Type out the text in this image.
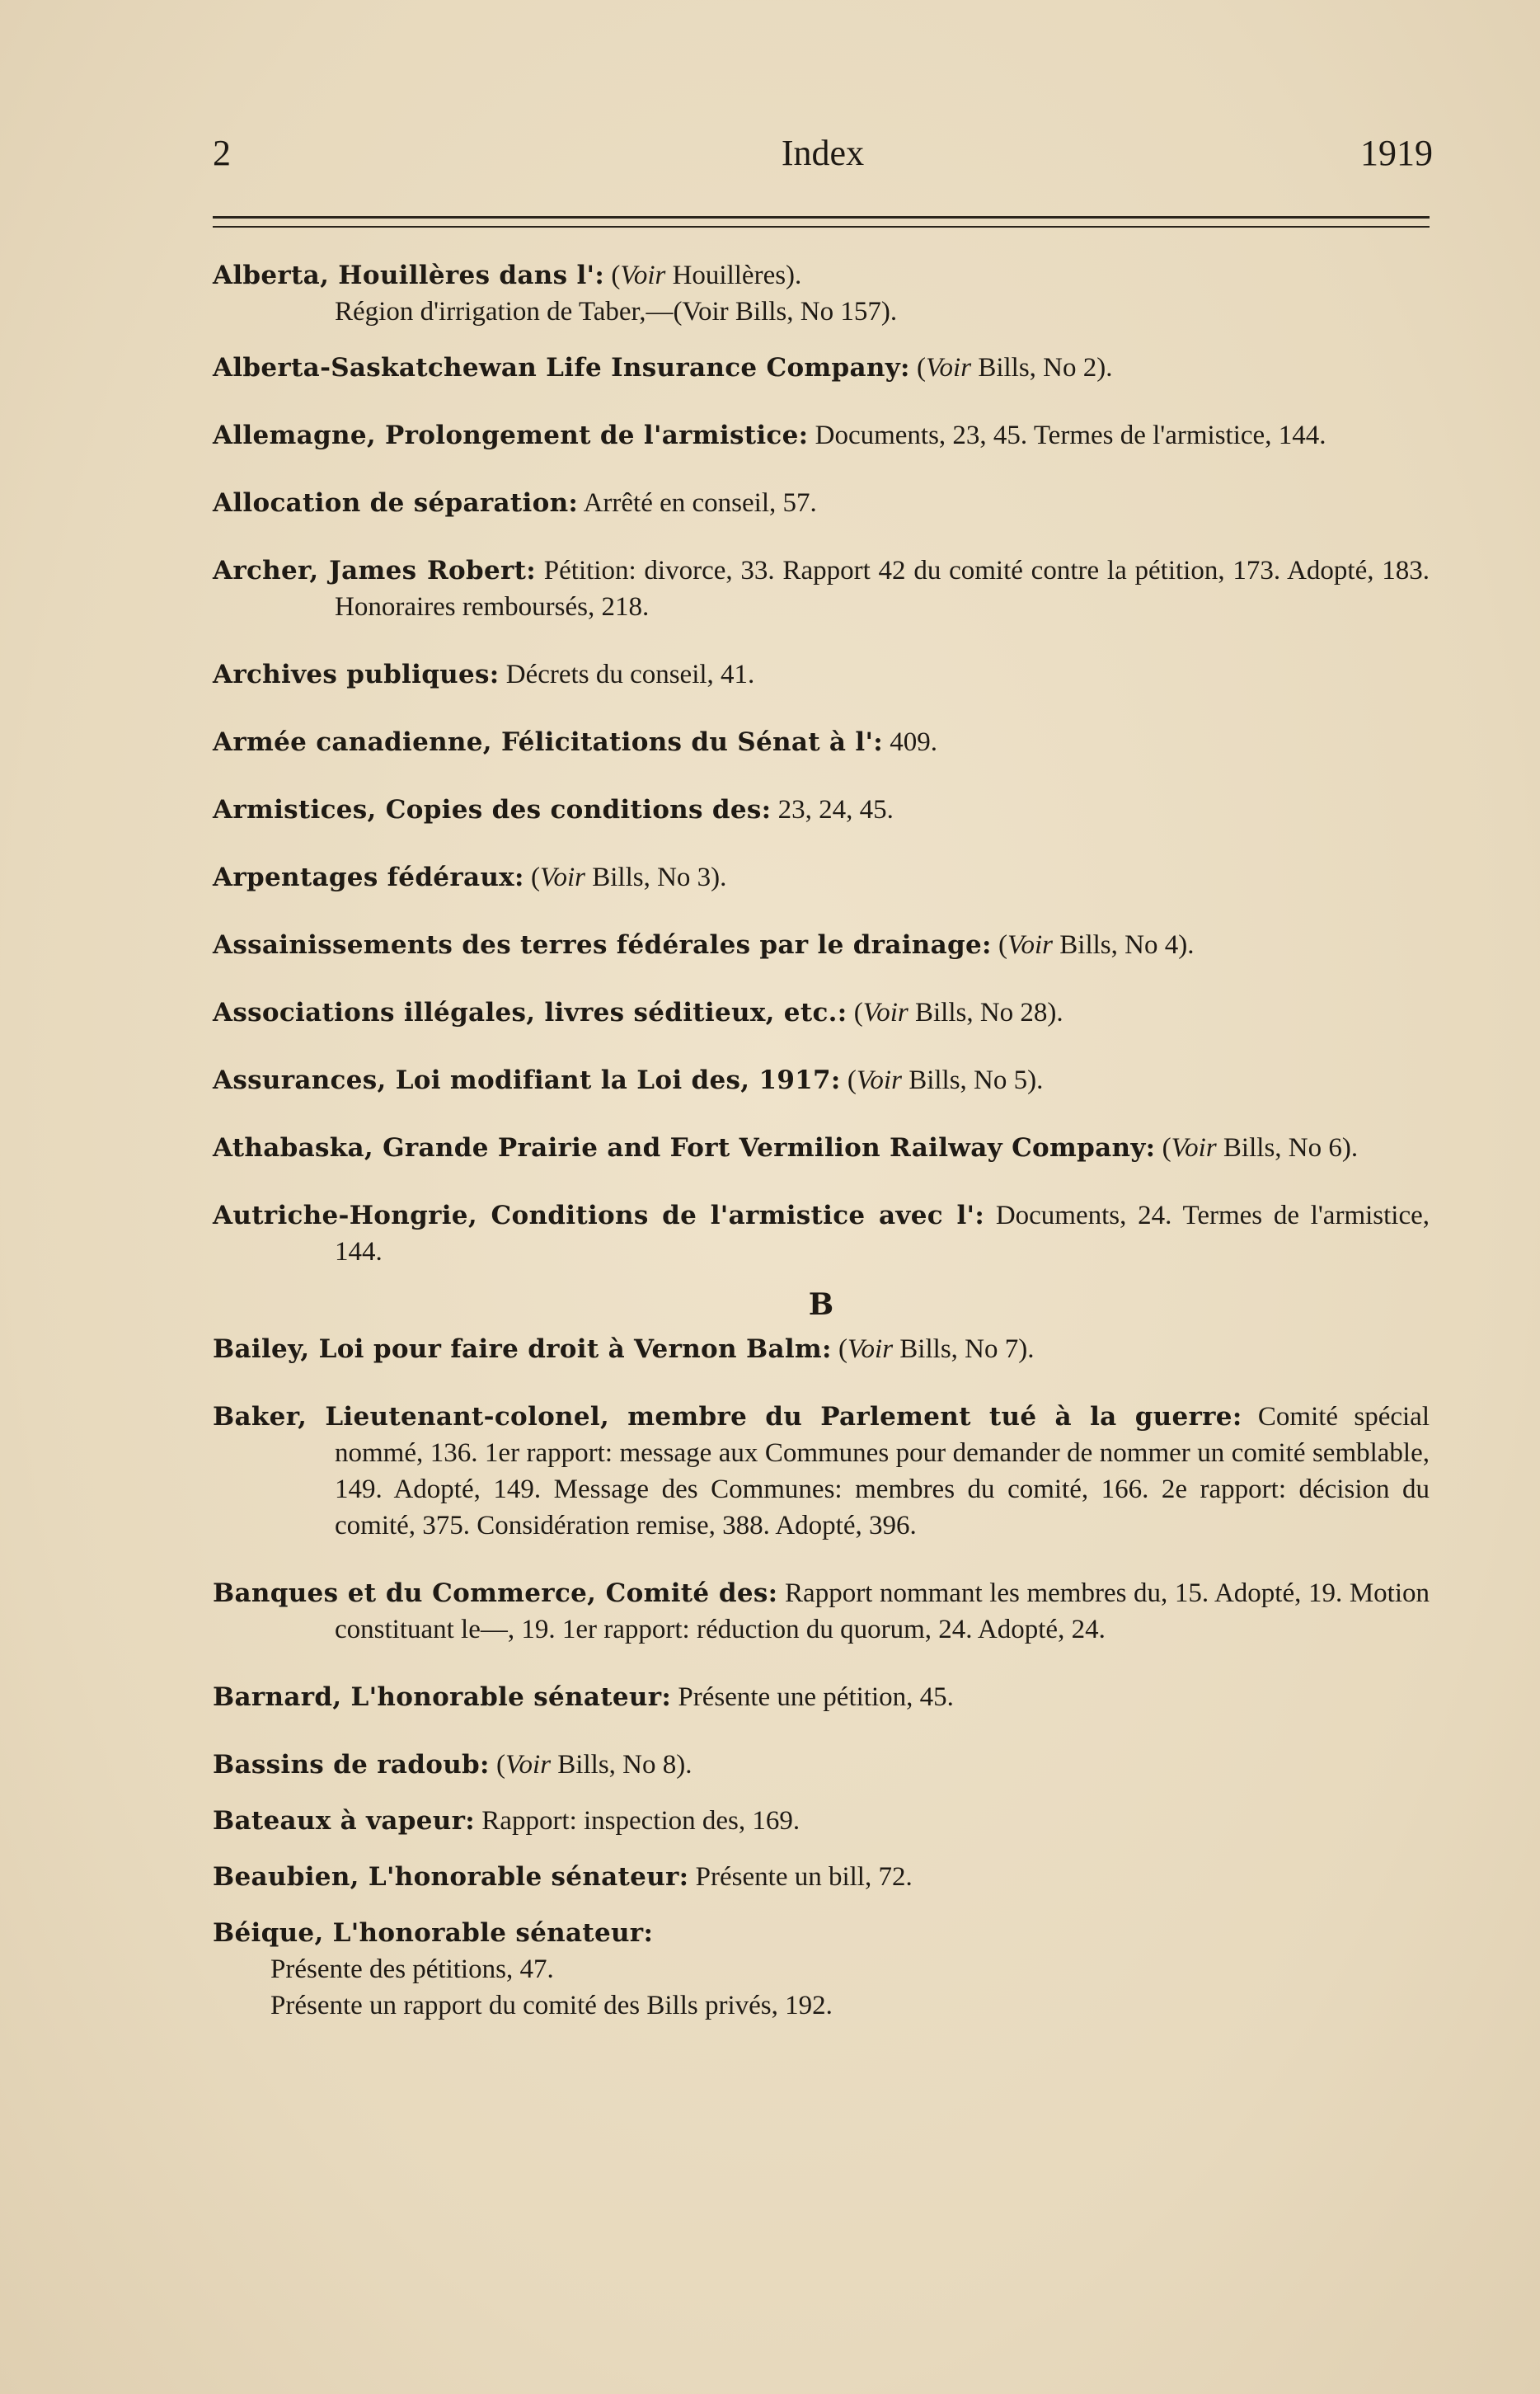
2	Index	1919

Alberta, Houillères dans l': (Voir Houillères).
Région d'irrigation de Taber,—(Voir Bills, No 157).

Alberta-Saskatchewan Life Insurance Company: (Voir Bills, No 2).

Allemagne, Prolongement de l'armistice: Documents, 23, 45. Termes de l'armistice, 144.

Allocation de séparation: Arrêté en conseil, 57.

Archer, James Robert: Pétition: divorce, 33. Rapport 42 du comité contre la pétition, 173. Adopté, 183. Honoraires remboursés, 218.

Archives publiques: Décrets du conseil, 41.

Armée canadienne, Félicitations du Sénat à l': 409.

Armistices, Copies des conditions des: 23, 24, 45.

Arpentages fédéraux: (Voir Bills, No 3).

Assainissements des terres fédérales par le drainage: (Voir Bills, No 4).

Associations illégales, livres séditieux, etc.: (Voir Bills, No 28).

Assurances, Loi modifiant la Loi des, 1917: (Voir Bills, No 5).

Athabaska, Grande Prairie and Fort Vermilion Railway Company: (Voir Bills, No 6).

Autriche-Hongrie, Conditions de l'armistice avec l': Documents, 24. Termes de l'armistice, 144.

B

Bailey, Loi pour faire droit à Vernon Balm: (Voir Bills, No 7).

Baker, Lieutenant-colonel, membre du Parlement tué à la guerre: Comité spécial nommé, 136. 1er rapport: message aux Communes pour demander de nommer un comité semblable, 149. Adopté, 149. Message des Communes: membres du comité, 166. 2e rapport: décision du comité, 375. Considération remise, 388. Adopté, 396.

Banques et du Commerce, Comité des: Rapport nommant les membres du, 15. Adopté, 19. Motion constituant le—, 19. 1er rapport: réduction du quorum, 24. Adopté, 24.

Barnard, L'honorable sénateur: Présente une pétition, 45.

Bassins de radoub: (Voir Bills, No 8).

Bateaux à vapeur: Rapport: inspection des, 169.

Beaubien, L'honorable sénateur: Présente un bill, 72.

Béique, L'honorable sénateur:
Présente des pétitions, 47.
Présente un rapport du comité des Bills privés, 192.
